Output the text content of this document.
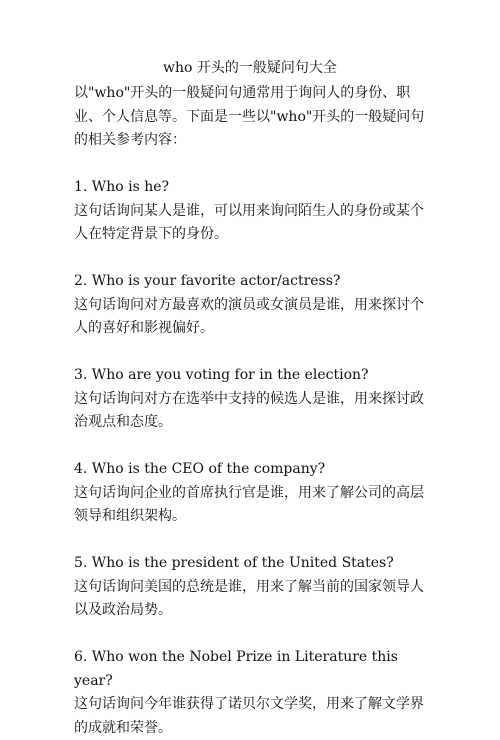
who 开头的一般疑问句大全

以"who"开头的一般疑问句通常用于询问人的身份、职业、个人信息等。下面是一些以"who"开头的一般疑问句的相关参考内容：

1. Who is he?

这句话询问某人是谁，可以用来询问陌生人的身份或某个人在特定背景下的身份。

2. Who is your favorite actor/actress?

这句话询问对方最喜欢的演员或女演员是谁，用来探讨个人的喜好和影视偏好。

3. Who are you voting for in the election?

这句话询问对方在选举中支持的候选人是谁，用来探讨政治观点和态度。

4. Who is the CEO of the company?

这句话询问企业的首席执行官是谁，用来了解公司的高层领导和组织架构。

5. Who is the president of the United States?

这句话询问美国的总统是谁，用来了解当前的国家领导人以及政治局势。

6. Who won the Nobel Prize in Literature this year?

这句话询问今年谁获得了诺贝尔文学奖，用来了解文学界的成就和荣誉。
